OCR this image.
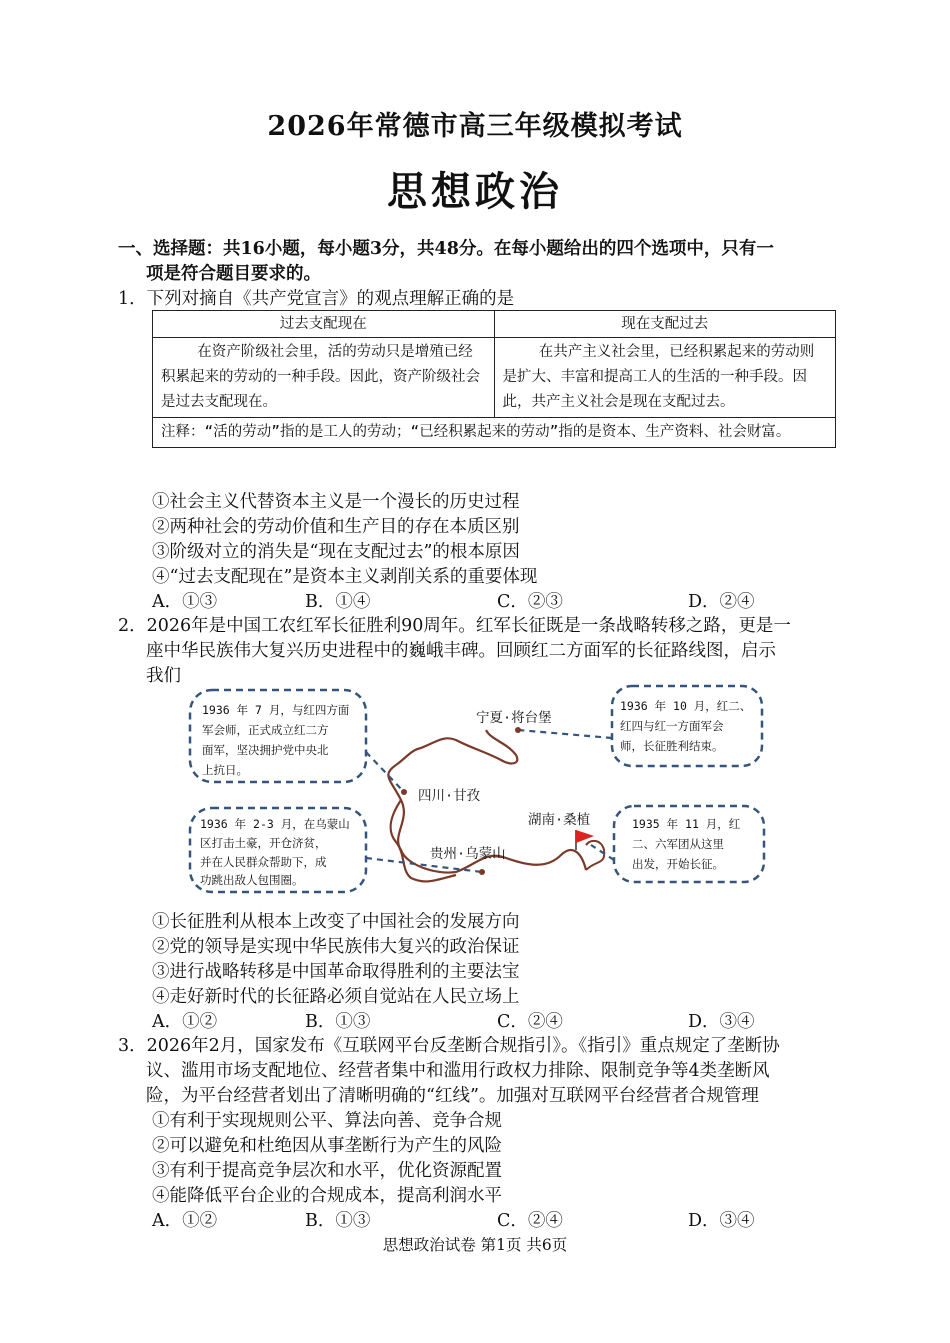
2026年常德市高三年级模拟考试
思想政治
一、选择题：共16小题，每小题3分，共48分。在每小题给出的四个选项中，只有一
项是符合题目要求的。
1．下列对摘自《共产党宣言》的观点理解正确的是
过去支配现在	现在支配过去
在资产阶级社会里，活的劳动只是增殖已经积累起来的劳动的一种手段。因此，资产阶级社会是过去支配现在。	在共产主义社会里，已经积累起来的劳动则是扩大、丰富和提高工人的生活的一种手段。因此，共产主义社会是现在支配过去。
注释：“活的劳动”指的是工人的劳动；“已经积累起来的劳动”指的是资本、生产资料、社会财富。	
①社会主义代替资本主义是一个漫长的历史过程
②两种社会的劳动价值和生产目的存在本质区别
③阶级对立的消失是“现在支配过去”的根本原因
④“过去支配现在”是资本主义剥削关系的重要体现
A．①③	B．①④	C．②③	D．②④
2．2026年是中国工农红军长征胜利90周年。红军长征既是一条战略转移之路，更是一
座中华民族伟大复兴历史进程中的巍峨丰碑。回顾红二方面军的长征路线图，启示
我们
1936 年 7 月，与红四方面
军会师，正式成立红二方
面军，坚决拥护党中央北
上抗日。
1936 年 2-3 月，在乌蒙山
区打击土豪，开仓济贫，
并在人民群众帮助下，成
功跳出敌人包围圈。
1936 年 10 月，红二、
红四与红一方面军会
师，长征胜利结束。
1935 年 11 月，红
二、六军团从这里
出发，开始长征。
宁夏·将台堡
四川·甘孜
贵州·乌蒙山
湖南·桑植
①长征胜利从根本上改变了中国社会的发展方向
②党的领导是实现中华民族伟大复兴的政治保证
③进行战略转移是中国革命取得胜利的主要法宝
④走好新时代的长征路必须自觉站在人民立场上
A．①②	B．①③	C．②④	D．③④
3．2026年2月，国家发布《互联网平台反垄断合规指引》。《指引》重点规定了垄断协
议、滥用市场支配地位、经营者集中和滥用行政权力排除、限制竞争等4类垄断风
险，为平台经营者划出了清晰明确的“红线”。加强对互联网平台经营者合规管理
①有利于实现规则公平、算法向善、竞争合规
②可以避免和杜绝因从事垄断行为产生的风险
③有利于提高竞争层次和水平，优化资源配置
④能降低平台企业的合规成本，提高利润水平
A．①②	B．①③	C．②④	D．③④
思想政治试卷 第1页 共6页
